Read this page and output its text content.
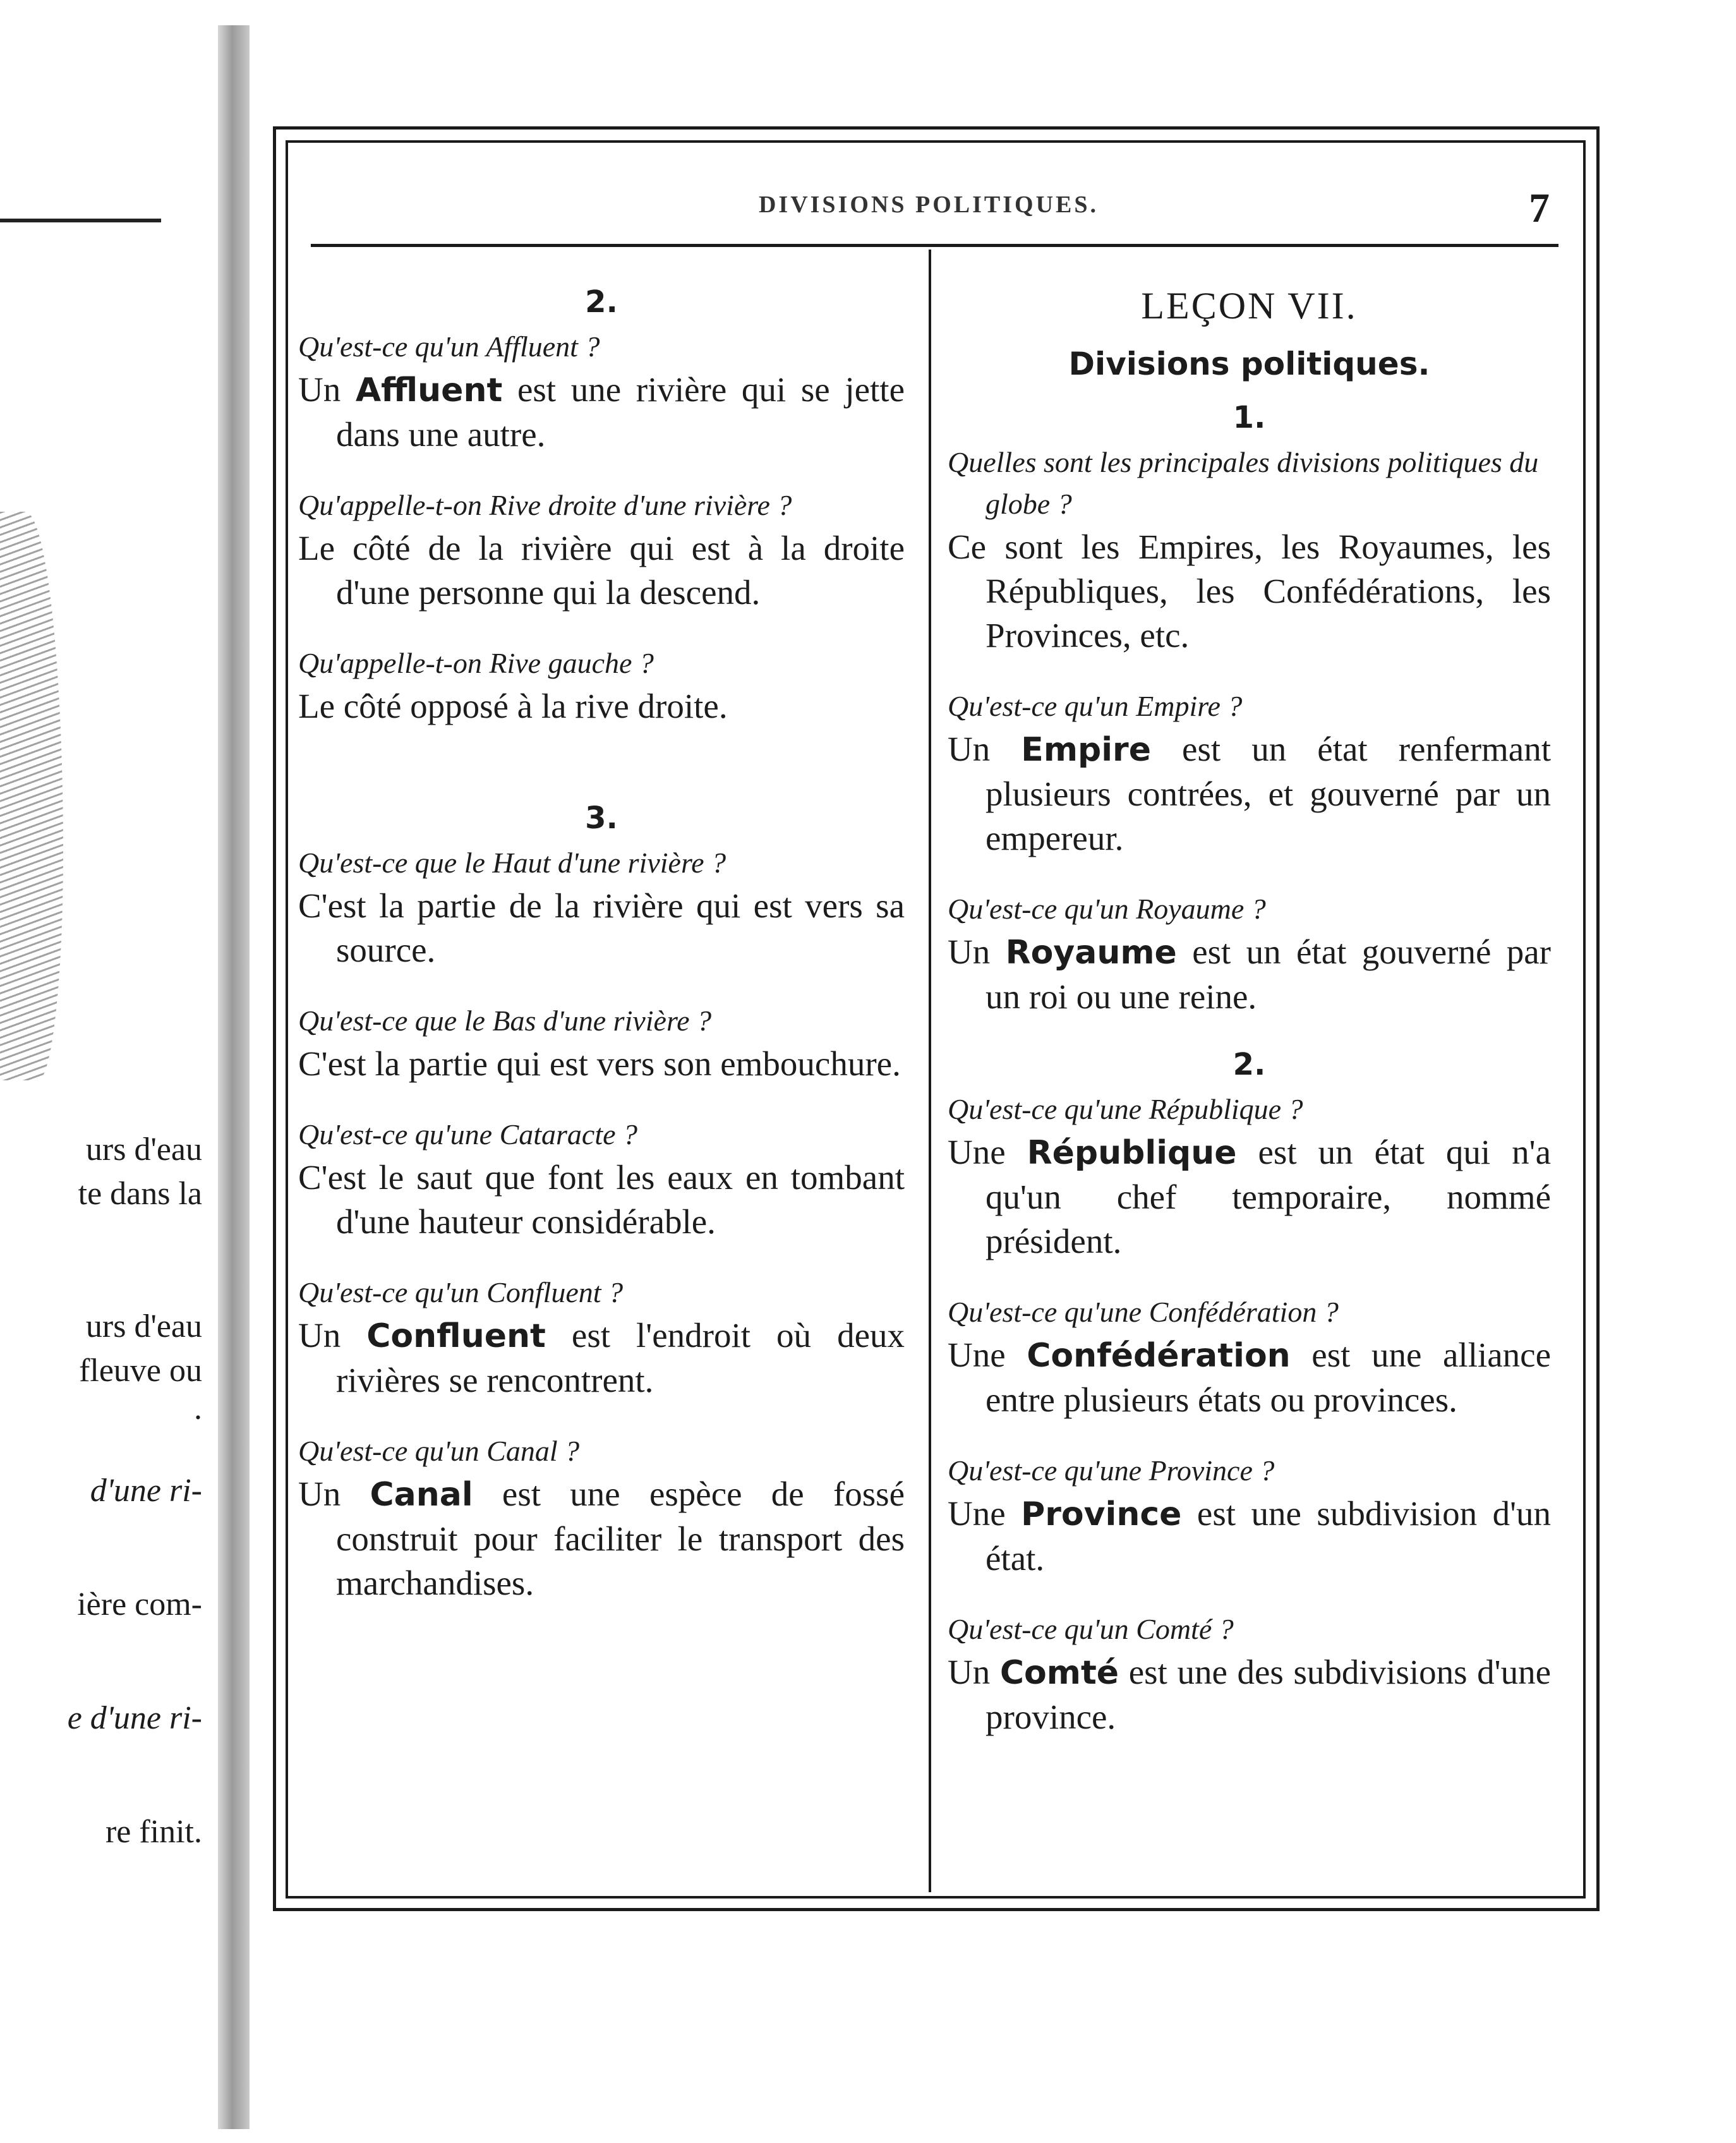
urs d'eau
te dans la
urs d'eau
fleuve ou
.
d'une ri-
ière com-
e d'une ri-
re finit.
DIVISIONS POLITIQUES.	7

2.

Qu'est-ce qu'un Affluent ?

Un Affluent est une rivière qui se jette dans une autre.

Qu'appelle-t-on Rive droite d'une rivière ?

Le côté de la rivière qui est à la droite d'une personne qui la descend.

Qu'appelle-t-on Rive gauche ?

Le côté opposé à la rive droite.

3.

Qu'est-ce que le Haut d'une rivière ?

C'est la partie de la rivière qui est vers sa source.

Qu'est-ce que le Bas d'une rivière ?

C'est la partie qui est vers son embouchure.

Qu'est-ce qu'une Cataracte ?

C'est le saut que font les eaux en tombant d'une hauteur considérable.

Qu'est-ce qu'un Confluent ?

Un Confluent est l'endroit où deux rivières se rencontrent.

Qu'est-ce qu'un Canal ?

Un Canal est une espèce de fossé construit pour faciliter le transport des marchandises.

LEÇON VII.

Divisions politiques.

1.

Quelles sont les principales divisions politiques du globe ?

Ce sont les Empires, les Royaumes, les Républiques, les Confédérations, les Provinces, etc.

Qu'est-ce qu'un Empire ?

Un Empire est un état renfermant plusieurs contrées, et gouverné par un empereur.

Qu'est-ce qu'un Royaume ?

Un Royaume est un état gouverné par un roi ou une reine.

2.

Qu'est-ce qu'une République ?

Une République est un état qui n'a qu'un chef temporaire, nommé président.

Qu'est-ce qu'une Confédération ?

Une Confédération est une alliance entre plusieurs états ou provinces.

Qu'est-ce qu'une Province ?

Une Province est une subdivision d'un état.

Qu'est-ce qu'un Comté ?

Un Comté est une des subdivisions d'une province.
